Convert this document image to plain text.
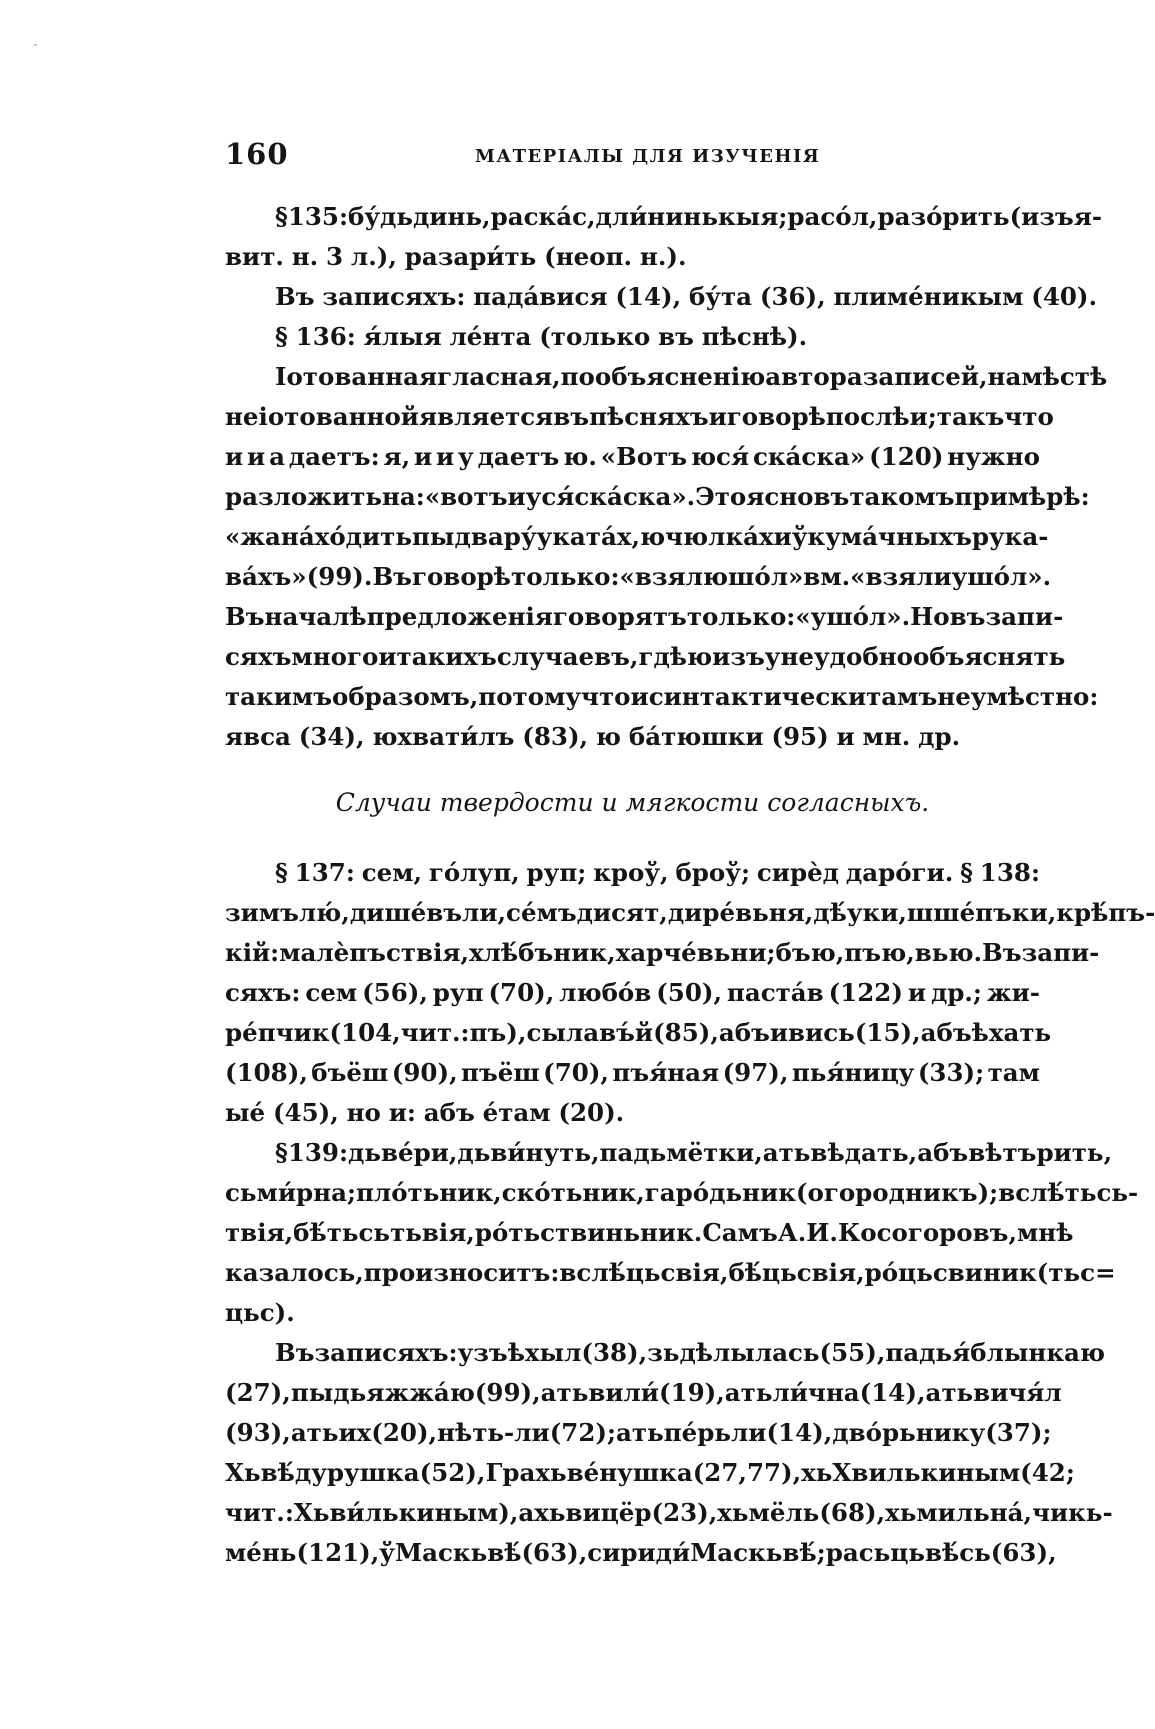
160	МАТЕРІАЛЫ ДЛЯ ИЗУЧЕНІЯ
§ 135: бу́дьдинь, раска́с, дли́нинькыя; расо́л, разо́рить (изъя-
вит. н. 3 л.), разари́ть (неоп. н.).
Въ записяхъ: пада́вися (14), бу́та (36), плиме́никым (40).
§ 136: я́лыя ле́нта (только въ пѣснѣ).
Іотованная гласная, по объясненію автора записей, на мѣстѣ
не іотованной является въ пѣсняхъ и говорѣ послѣ и; такъ что
и и а даетъ: я, и и у даетъ ю. «Вотъ юся́ ска́ска» (120) нужно
разложить на: «вотъ и уся́ ска́ска». Это ясно въ такомъ примѣрѣ:
«жана́ хо́дить пы двару́ у ката́х, ю чюлка́х и ў кума́чныхъ рука-
ва́хъ» (99). Въ говорѣ только: «взял юшо́л» вм. «взял и ушо́л».
Въ началѣ предложенія говорятъ только: «ушо́л». Но въ запи-
сяхъ много и такихъ случаевъ, гдѣ ю изъ у неудобно объяснять
такимъ образомъ, потому что и синтактически тамъ неумѣстно:
явса (34), юхвати́лъ (83), ю ба́тюшки (95) и мн. др.
Случаи твердости и мягкости согласныхъ.
§ 137: сем, го́луп, руп; кроў, броў; сирѐд даро́ги. § 138:
зимълю́, дише́въли, се́мъдисят, дире́вьня, дѣ́уки, шше́пъки, крѣ́пъ-
кій: малѐпъствія, хлѣ́бъник, харче́вьни; бъю, пъю, вью. Въ запи-
сяхъ: сем (56), руп (70), любо́в (50), паста́в (122) и др.; жи-
ре́пчик (104, чит.: пъ), сылавъ́й (85), абъивись (15), абъѣхать
(108), бъёш (90), пъёш (70), пъя́ная (97), пья́ницу (33); там
ые́ (45), но и: абъ е́там (20).
§ 139: дьве́ри, дьви́нуть, падьмётки, атьвѣдать, абъвѣтърить,
сьми́рна; пло́тьник, ско́тьник, гаро́дьник (огородникъ); вслѣ́тьсь-
твія, бѣ́тьсьтьвія, ро́тьствиньник. Самъ А. И. Косогоровъ, мнѣ
казалось, произноситъ: вслѣ́цьсвія, бѣ́цьсвія, ро́цьсвиник (тьс =
цьс).
Въ записяхъ: узъѣхыл (38), зьдѣлылась (55), падь я́блынкаю
(27), пыдьяжжа́ю (99), атьвили́ (19), атьли́чна (14), атьвичя́л
(93), ать их (20), нѣть-ли (72); атьпе́рьли (14), дво́рьнику (37);
Хьвѣ́дурушка (52), Грахьве́нушка (27, 77), хь Хвилькиным (42;
чит.: Хьви́лькиным), ахьвицёр (23), хьмёль (68), хьмильна́, чикь-
ме́нь (121), ў Маскьвѣ́ (63), сириди́ Маскьвѣ́; расьцьвѣ́сь (63),
